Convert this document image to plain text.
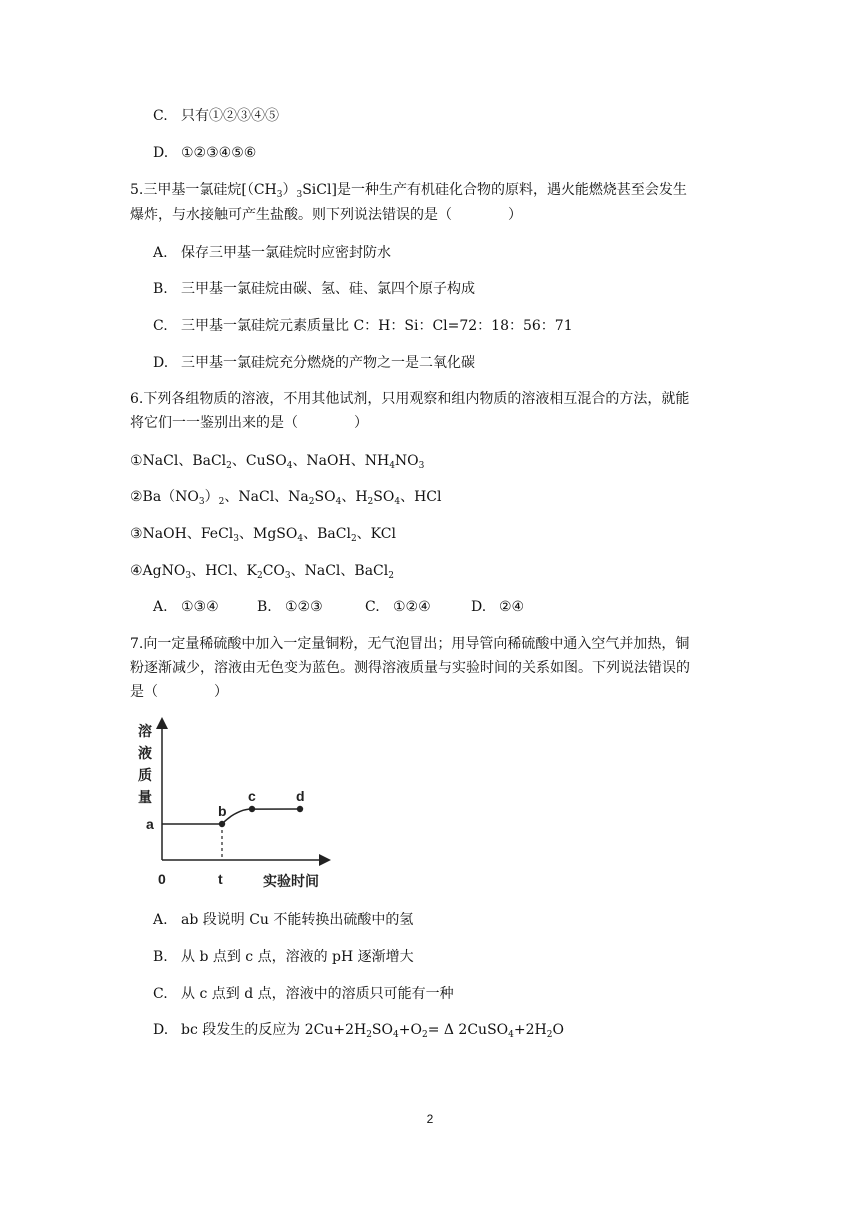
C. 只有①②③④⑤
D. ①②③④⑤⑥
5.三甲基一氯硅烷$[(CH_3)_3SiCl]$是一种生产有机硅化合物的原料，遇火能燃烧甚至会发生
爆炸，与水接触可产生盐酸。则下列说法错误的是（　　　　）
A. 保存三甲基一氯硅烷时应密封防水
B. 三甲基一氯硅烷由碳、氢、硅、氯四个原子构成
C. 三甲基一氯硅烷元素质量比 C：H：Si：Cl=72：18：56：71
D. 三甲基一氯硅烷充分燃烧的产物之一是二氧化碳
6.下列各组物质的溶液，不用其他试剂，只用观察和组内物质的溶液相互混合的方法，就能
将它们一一鉴别出来的是（　　　　）
①NaCl、BaCl$_2$、CuSO$_4$、NaOH、$NH_4NO_3$
$②Ba(NO_3)_2$、NaCl、$Na_2SO_4$、$H_2SO_4$、HCl
③NaOH、FeCl$_3$、MgSO$_4$、BaCl$_2$、KCl
④AgNO$_3$、HCl、$K_2CO_3$、NaCl、BaCl$_2$
A. ①③④	B. ①②③	C. ①②④	D. ②④
7.向一定量稀硫酸中加入一定量铜粉，无气泡冒出；用导管向稀硫酸中通入空气并加热，铜
粉逐渐减少，溶液由无色变为蓝色。测得溶液质量与实验时间的关系如图。下列说法错误的
是（　　　　）
溶
液
质
量
实验时间
0	t
a
b
c	d
A. ab 段说明 Cu 不能转换出硫酸中的氢
B. 从 b 点到 c 点，溶液的 pH 逐渐增大
C. 从 c 点到 d 点，溶液中的溶质只可能有一种
D. bc 段发生的反应为 $2Cu+2H_2SO_4+O_2= \Delta$ $2CuSO_4+2H_2O$
2
